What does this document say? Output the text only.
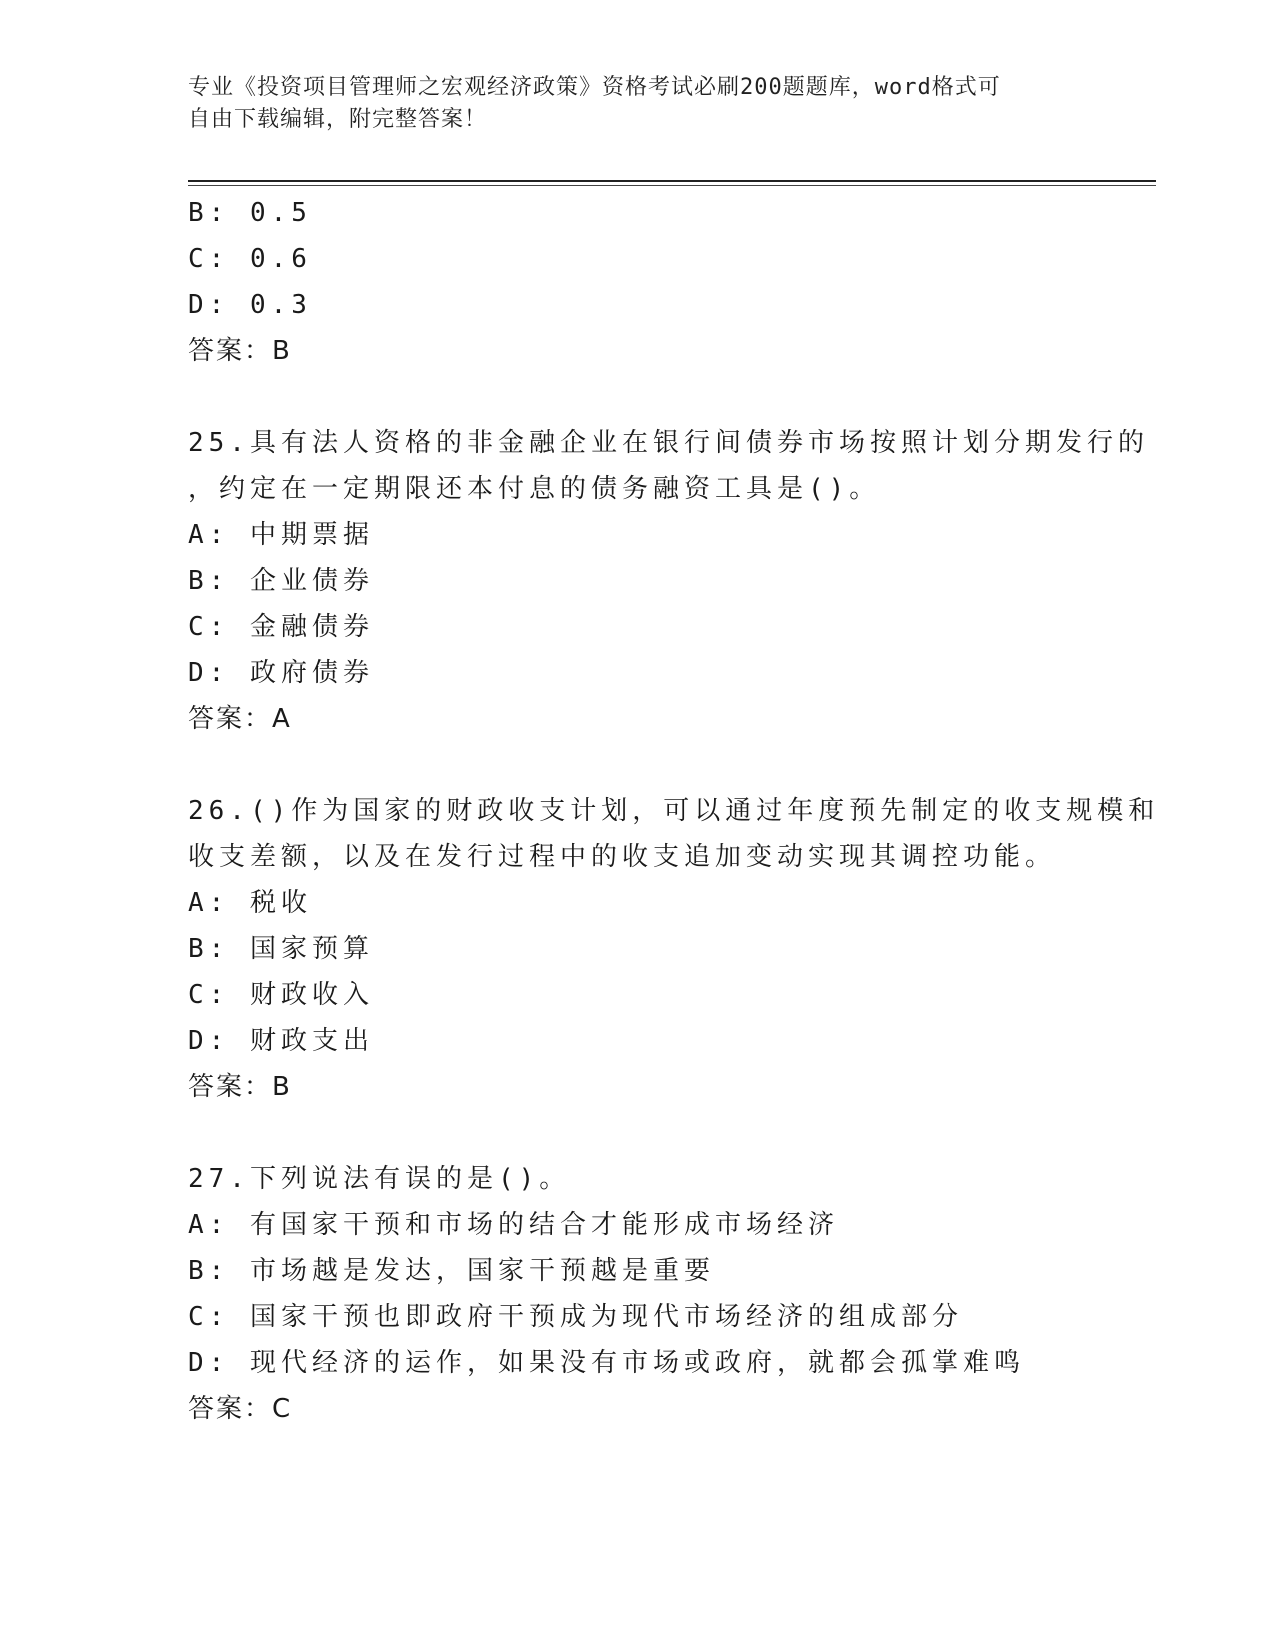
专业《投资项目管理师之宏观经济政策》资格考试必刷200题题库，word格式可
自由下载编辑，附完整答案！
B: 0.5
C: 0.6
D: 0.3
答案：B
25.具有法人资格的非金融企业在银行间债券市场按照计划分期发行的
，约定在一定期限还本付息的债务融资工具是()。
A: 中期票据
B: 企业债券
C: 金融债券
D: 政府债券
答案：A
26.()作为国家的财政收支计划，可以通过年度预先制定的收支规模和
收支差额，以及在发行过程中的收支追加变动实现其调控功能。
A: 税收
B: 国家预算
C: 财政收入
D: 财政支出
答案：B
27.下列说法有误的是()。
A: 有国家干预和市场的结合才能形成市场经济
B: 市场越是发达，国家干预越是重要
C: 国家干预也即政府干预成为现代市场经济的组成部分
D: 现代经济的运作，如果没有市场或政府，就都会孤掌难鸣
答案：C
